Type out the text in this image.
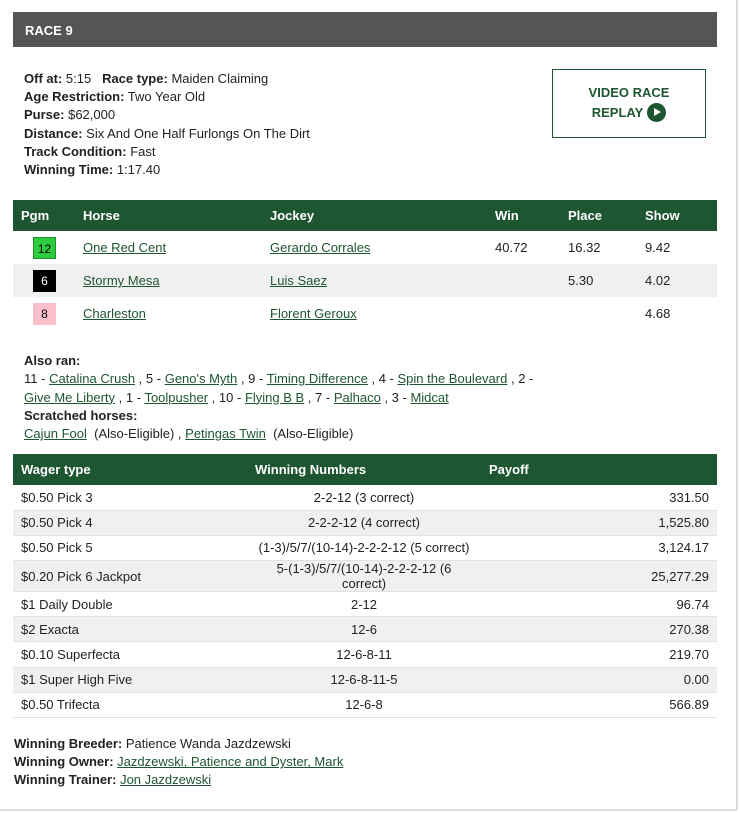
RACE 9
Off at: 5:15 Race type: Maiden Claiming
Age Restriction: Two Year Old
Purse: $62,000
Distance: Six And One Half Furlongs On The Dirt
Track Condition: Fast
Winning Time: 1:17.40
VIDEO RACE
REPLAY
Pgm	Horse	Jockey	Win	Place	Show
12	One Red Cent	Gerardo Corrales	40.72	16.32	9.42
6	Stormy Mesa	Luis Saez		5.30	4.02
8	Charleston	Florent Geroux			4.68
Also ran:
11 - Catalina Crush , 5 - Geno's Myth , 9 - Timing Difference , 4 - Spin the Boulevard , 2 -
Give Me Liberty , 1 - Toolpusher , 10 - Flying B B , 7 - Palhaco , 3 - Midcat
Scratched horses:
Cajun Fool (Also-Eligible) , Petingas Twin (Also-Eligible)
Wager type	Winning Numbers	Payoff
$0.50 Pick 3	2-2-12 (3 correct)	331.50
$0.50 Pick 4	2-2-2-12 (4 correct)	1,525.80
$0.50 Pick 5	(1-3)/5/7/(10-14)-2-2-2-12 (5 correct)	3,124.17
$0.20 Pick 6 Jackpot	5-(1-3)/5/7/(10-14)-2-2-2-12 (6 correct)	25,277.29
$1 Daily Double	2-12	96.74
$2 Exacta	12-6	270.38
$0.10 Superfecta	12-6-8-11	219.70
$1 Super High Five	12-6-8-11-5	0.00
$0.50 Trifecta	12-6-8	566.89
Winning Breeder: Patience Wanda Jazdzewski
Winning Owner: Jazdzewski, Patience and Dyster, Mark
Winning Trainer: Jon Jazdzewski
